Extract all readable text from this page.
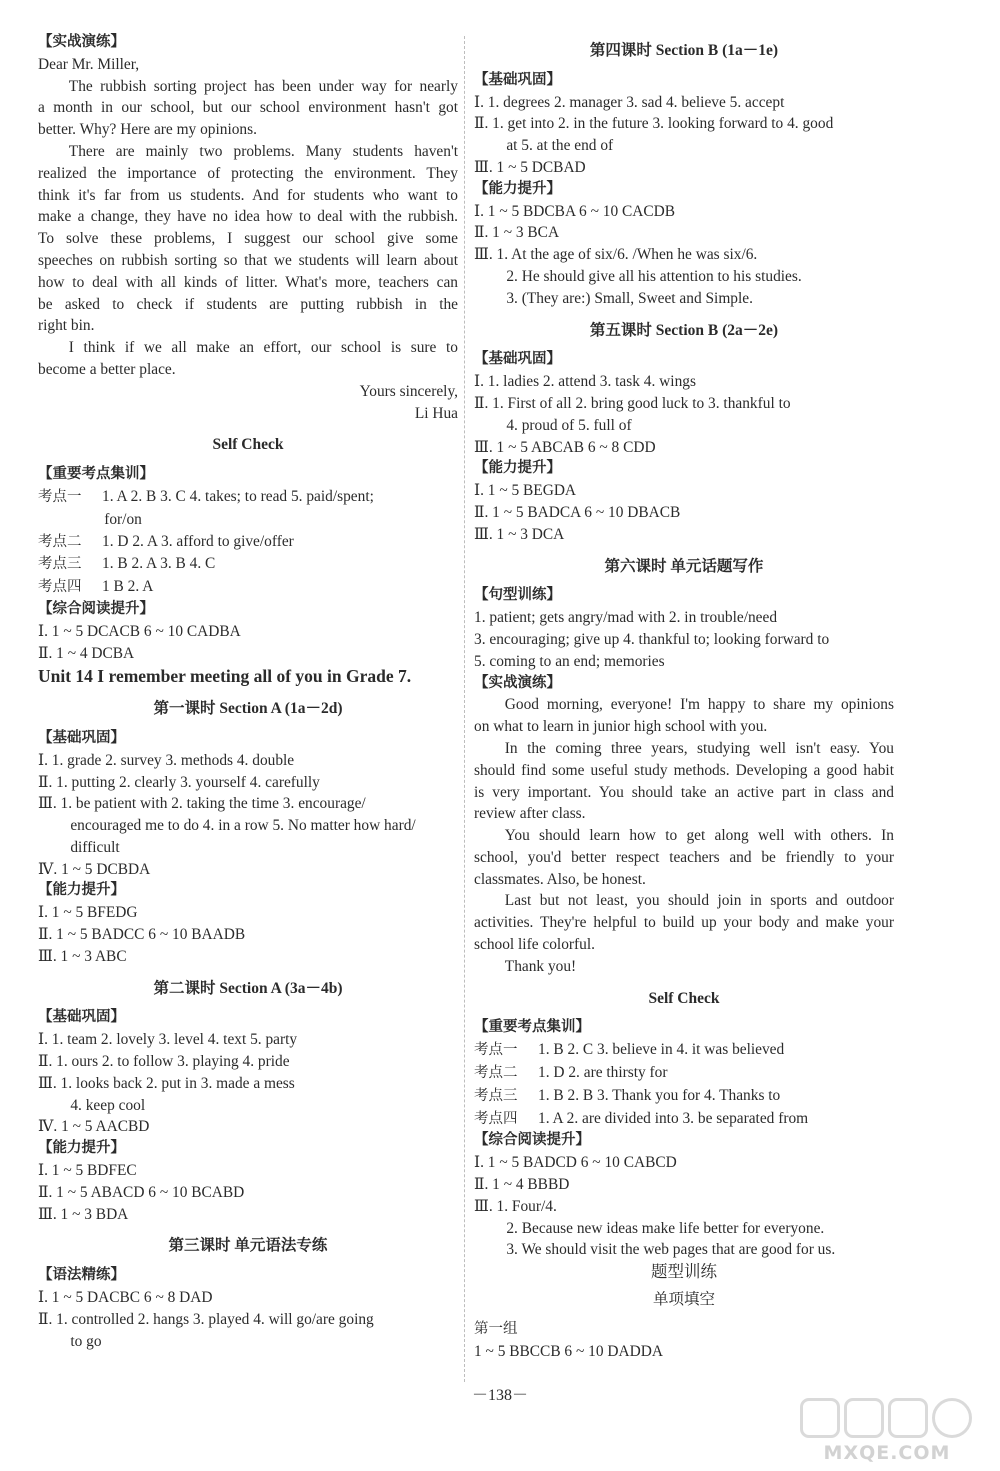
【实战演练】
Dear Mr. Miller,
The rubbish sorting project has been under way for nearly
a month in our school, but our school environment hasn't got
better. Why? Here are my opinions.
There are mainly two problems. Many students haven't
realized the importance of protecting the environment. They
think it's far from us students. And for students who want to
make a change, they have no idea how to deal with the rubbish.
To solve these problems, I suggest our school give some
speeches on rubbish sorting so that we students will learn about
how to deal with all kinds of litter. What's more, teachers can
be asked to check if students are putting rubbish in the
right bin.
I think if we all make an effort, our school is sure to
become a better place.
Yours sincerely,
Li Hua
Self Check
【重要考点集训】
考点一 1. A 2. B 3. C 4. takes; to read 5. paid/spent;
for/on
考点二 1. D 2. A 3. afford to give/offer
考点三 1. B 2. A 3. B 4. C
考点四 1 B 2. A
【综合阅读提升】
Ⅰ. 1 ~ 5 DCACB 6 ~ 10 CADBA
Ⅱ. 1 ~ 4 DCBA
Unit 14 I remember meeting all of you in Grade 7.
第一课时 Section A (1a－2d)
【基础巩固】
Ⅰ. 1. grade 2. survey 3. methods 4. double
Ⅱ. 1. putting 2. clearly 3. yourself 4. carefully
Ⅲ. 1. be patient with 2. taking the time 3. encourage/
encouraged me to do 4. in a row 5. No matter how hard/
difficult
Ⅳ. 1 ~ 5 DCBDA
【能力提升】
Ⅰ. 1 ~ 5 BFEDG
Ⅱ. 1 ~ 5 BADCC 6 ~ 10 BAADB
Ⅲ. 1 ~ 3 ABC
第二课时 Section A (3a－4b)
【基础巩固】
Ⅰ. 1. team 2. lovely 3. level 4. text 5. party
Ⅱ. 1. ours 2. to follow 3. playing 4. pride
Ⅲ. 1. looks back 2. put in 3. made a mess
4. keep cool
Ⅳ. 1 ~ 5 AACBD
【能力提升】
Ⅰ. 1 ~ 5 BDFEC
Ⅱ. 1 ~ 5 ABACD 6 ~ 10 BCABD
Ⅲ. 1 ~ 3 BDA
第三课时 单元语法专练
【语法精练】
Ⅰ. 1 ~ 5 DACBC 6 ~ 8 DAD
Ⅱ. 1. controlled 2. hangs 3. played 4. will go/are going
to go
第四课时 Section B (1a－1e)
【基础巩固】
Ⅰ. 1. degrees 2. manager 3. sad 4. believe 5. accept
Ⅱ. 1. get into 2. in the future 3. looking forward to 4. good
at 5. at the end of
Ⅲ. 1 ~ 5 DCBAD
【能力提升】
Ⅰ. 1 ~ 5 BDCBA 6 ~ 10 CACDB
Ⅱ. 1 ~ 3 BCA
Ⅲ. 1. At the age of six/6. /When he was six/6.
2. He should give all his attention to his studies.
3. (They are:) Small, Sweet and Simple.
第五课时 Section B (2a－2e)
【基础巩固】
Ⅰ. 1. ladies 2. attend 3. task 4. wings
Ⅱ. 1. First of all 2. bring good luck to 3. thankful to
4. proud of 5. full of
Ⅲ. 1 ~ 5 ABCAB 6 ~ 8 CDD
【能力提升】
Ⅰ. 1 ~ 5 BEGDA
Ⅱ. 1 ~ 5 BADCA 6 ~ 10 DBACB
Ⅲ. 1 ~ 3 DCA
第六课时 单元话题写作
【句型训练】
1. patient; gets angry/mad with 2. in trouble/need
3. encouraging; give up 4. thankful to; looking forward to
5. coming to an end; memories
【实战演练】
Good morning, everyone! I'm happy to share my opinions
on what to learn in junior high school with you.
In the coming three years, studying well isn't easy. You
should find some useful study methods. Developing a good habit
is very important. You should take an active part in class and
review after class.
You should learn how to get along well with others. In
school, you'd better respect teachers and be friendly to your
classmates. Also, be honest.
Last but not least, you should join in sports and outdoor
activities. They're helpful to build up your body and make your
school life colorful.
Thank you!
Self Check
【重要考点集训】
考点一 1. B 2. C 3. believe in 4. it was believed
考点二 1. D 2. are thirsty for
考点三 1. B 2. B 3. Thank you for 4. Thanks to
考点四 1. A 2. are divided into 3. be separated from
【综合阅读提升】
Ⅰ. 1 ~ 5 BADCD 6 ~ 10 CABCD
Ⅱ. 1 ~ 4 BBBD
Ⅲ. 1. Four/4.
2. Because new ideas make life better for everyone.
3. We should visit the web pages that are good for us.
题型训练
单项填空
第一组
1 ~ 5 BBCCB 6 ~ 10 DADDA
－138－
MXQE.COM
